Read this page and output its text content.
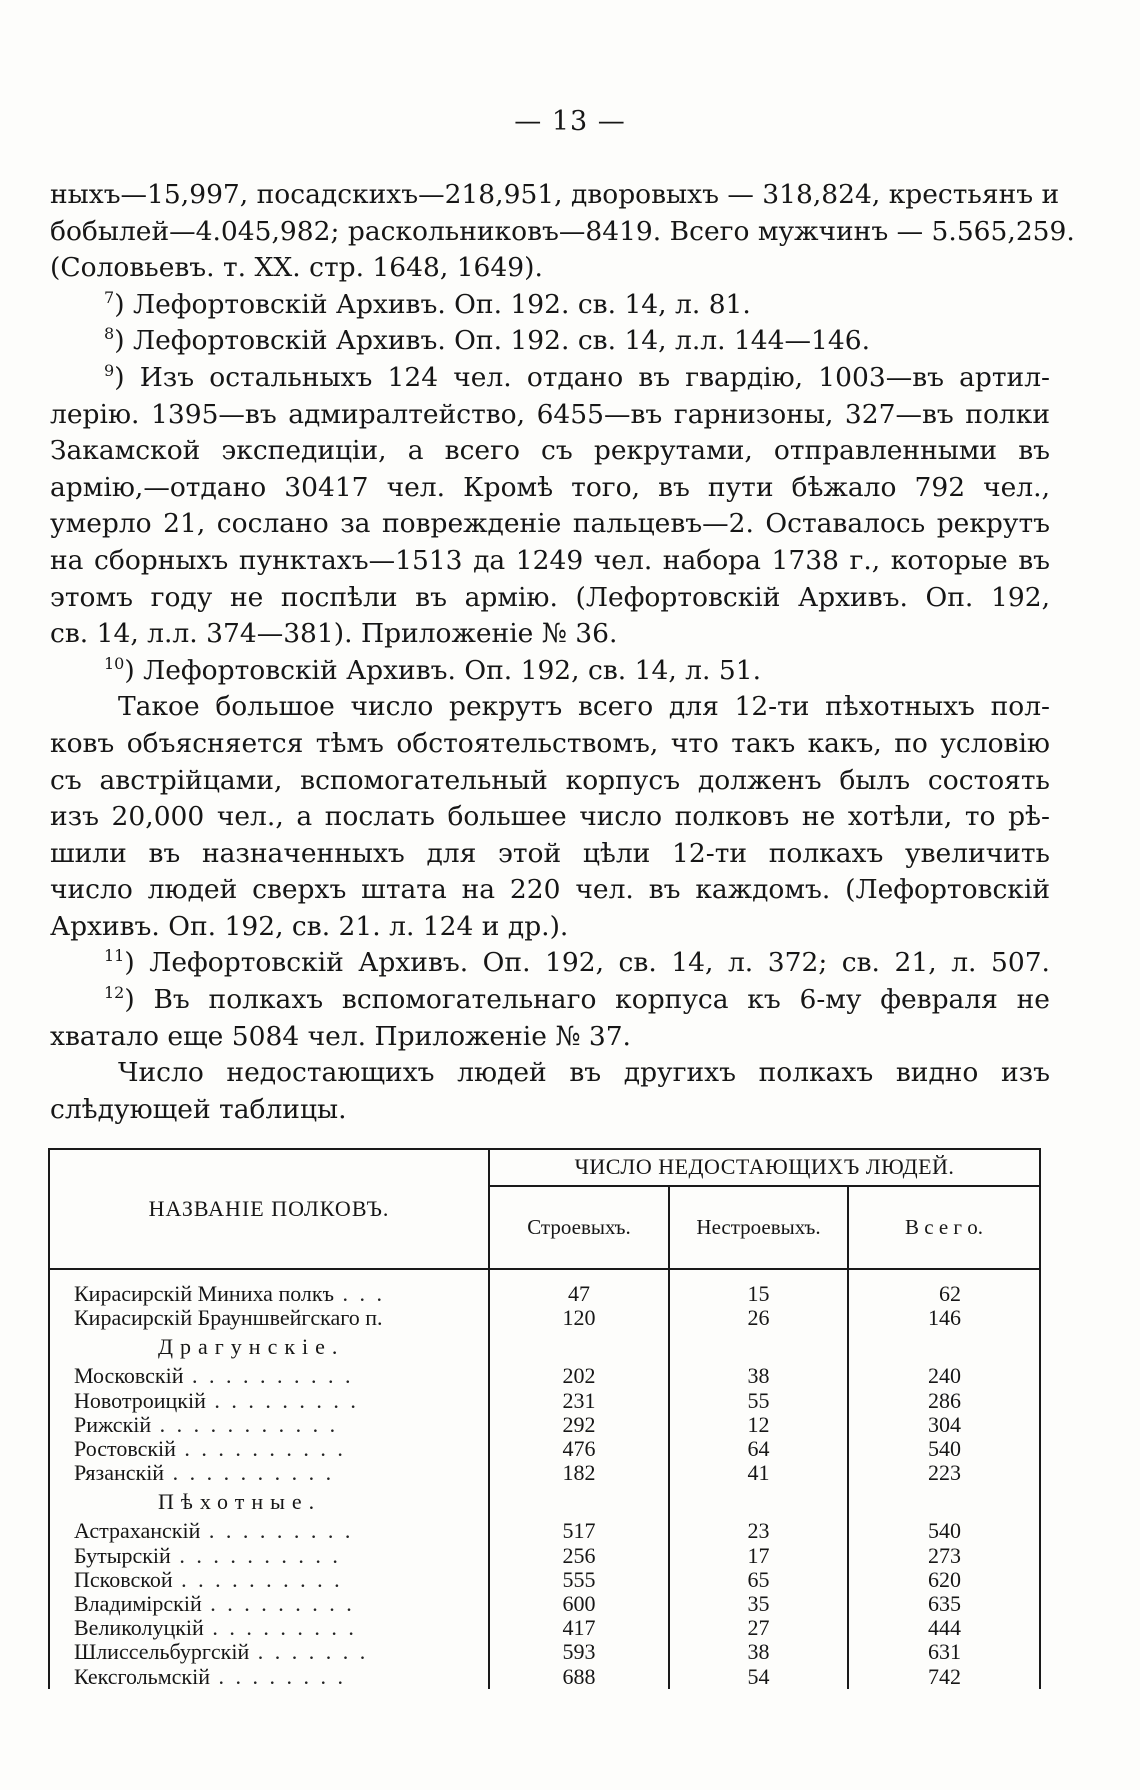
— 13 —
ныхъ—15,997, посадскихъ—218,951, дворовыхъ — 318,824, крестьянъ и
бобылей—4.045,982; раскольниковъ—8419. Всего мужчинъ — 5.565,259.
(Соловьевъ. т. XX. стр. 1648, 1649).
$^7$) Лефортовскій Архивъ. Оп. 192. св. 14, л. 81.
$^8$) Лефортовскій Архивъ. Оп. 192. св. 14, л.л. 144—146.
$^9$) Изъ остальныхъ 124 чел. отдано въ гвардію, 1003—въ артил-
лерію. 1395—въ адмиралтейство, 6455—въ гарнизоны, 327—въ полки
Закамской экспедиціи, а всего съ рекрутами, отправленными въ
армію,—отдано 30417 чел. Кромѣ того, въ пути бѣжало 792 чел.,
умерло 21, сослано за поврежденіе пальцевъ—2. Оставалось рекрутъ
на сборныхъ пунктахъ—1513 да 1249 чел. набора 1738 г., которые въ
этомъ году не поспѣли въ армію. (Лефортовскій Архивъ. Оп. 192,
св. 14, л.л. 374—381). Приложеніе № 36.
$^{10}$) Лефортовскій Архивъ. Оп. 192, св. 14, л. 51.
Такое большое число рекрутъ всего для 12-ти пѣхотныхъ пол-
ковъ объясняется тѣмъ обстоятельствомъ, что такъ какъ, по условію
съ австрійцами, вспомогательный корпусъ долженъ былъ состоять
изъ 20,000 чел., а послать большее число полковъ не хотѣли, то рѣ-
шили въ назначенныхъ для этой цѣли 12-ти полкахъ увеличить
число людей сверхъ штата на 220 чел. въ каждомъ. (Лефортовскій
Архивъ. Оп. 192, св. 21. л. 124 и др.).
$^{11}$) Лефортовскій Архивъ. Оп. 192, св. 14, л. 372; св. 21, л. 507.
$^{12}$) Въ полкахъ вспомогательнаго корпуса къ 6-му февраля не
хватало еще 5084 чел. Приложеніе № 37.
Число недостающихъ людей въ другихъ полкахъ видно изъ
слѣдующей таблицы.
НАЗВАНІЕ ПОЛКОВЪ.	ЧИСЛО НЕДОСТАЮЩИХЪ ЛЮДЕЙ.		
	Строевыхъ.	Нестроевыхъ.	В с е г о.
Кирасирскій Миниха полкъ . . .	47	15	62
Кирасирскій Брауншвейгскаго п.	120	26	146
Драгунскіе.			
Московскій . . . . . . . . . .	202	38	240
Новотроицкій . . . . . . . . .	231	55	286
Рижскій . . . . . . . . . . .	292	12	304
Ростовскій . . . . . . . . . .	476	64	540
Рязанскій . . . . . . . . . .	182	41	223
Пѣхотные.			
Астраханскій . . . . . . . . .	517	23	540
Бутырскій . . . . . . . . . .	256	17	273
Псковской . . . . . . . . . .	555	65	620
Владимірскій . . . . . . . . .	600	35	635
Великолуцкій . . . . . . . . .	417	27	444
Шлиссельбургскій . . . . . . .	593	38	631
Кексгольмскій . . . . . . . .	688	54	742
